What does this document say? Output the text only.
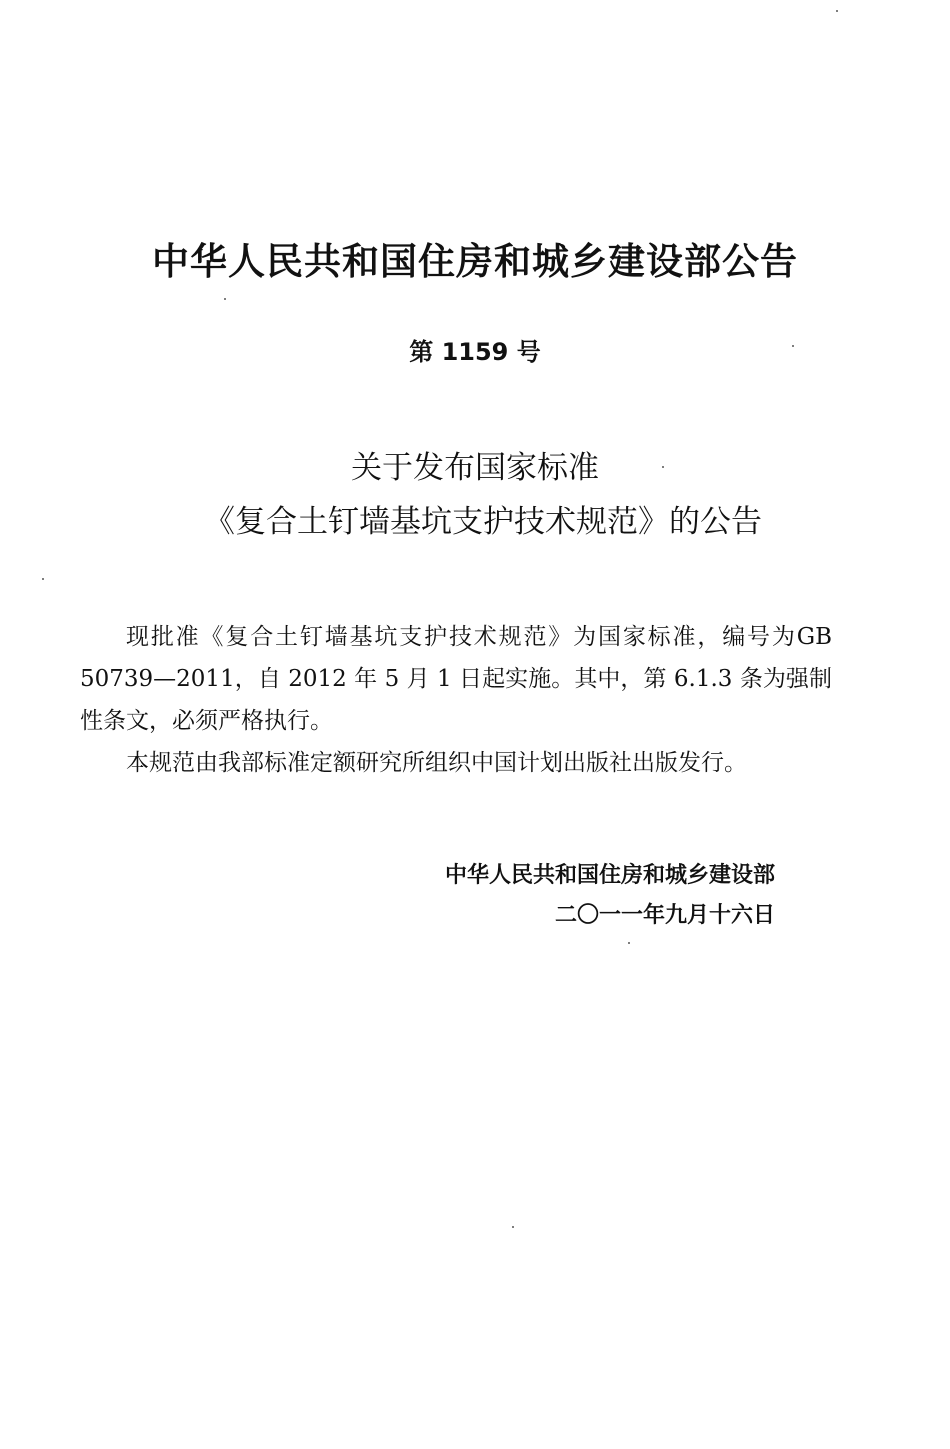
中华人民共和国住房和城乡建设部公告
第 1159 号
关于发布国家标准
《复合土钉墙基坑支护技术规范》的公告

现批准《复合土钉墙基坑支护技术规范》为国家标准，编号为GB 50739—2011，自 2012 年 5 月 1 日起实施。其中，第 6.1.3 条为强制性条文，必须严格执行。

本规范由我部标准定额研究所组织中国计划出版社出版发行。

中华人民共和国住房和城乡建设部
二〇一一年九月十六日
